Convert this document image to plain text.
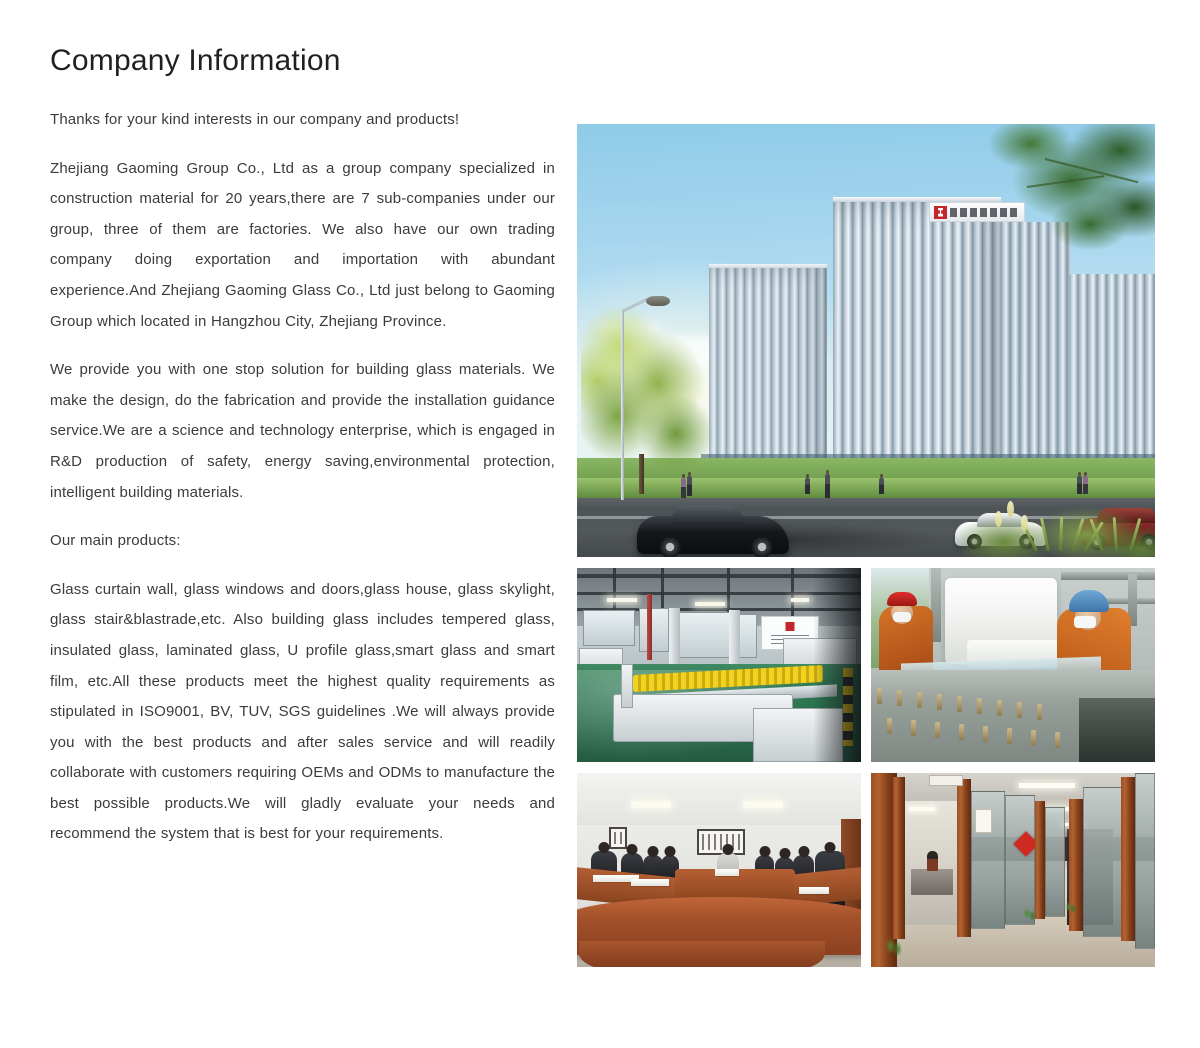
Company Information

Thanks for your kind interests in our company and products!

Zhejiang Gaoming Group Co., Ltd as a group company specialized in construction material for 20 years,there are 7 sub-companies under our group, three of them are factories. We also have our own trading company doing exportation and importation with abundant experience.And Zhejiang Gaoming Glass Co., Ltd just belong to Gaoming Group which located in Hangzhou City, Zhejiang Province.

We provide you with one stop solution for building glass materials. We make the design, do the fabrication and provide the installation guidance service.We are a science and technology enterprise, which is engaged in R&D production of safety, energy saving,environmental protection, intelligent building materials.

Our main products:

Glass curtain wall, glass windows and doors,glass house, glass skylight, glass stair&blastrade,etc. Also building glass includes tempered glass, insulated glass, laminated glass, U profile glass,smart glass and smart film, etc.All these products meet the highest quality requirements as stipulated in ISO9001, BV, TUV, SGS guidelines .We will always provide you with the best products and after sales service and will readily collaborate with customers requiring OEMs and ODMs to manufacture the best possible products.We will gladly evaluate your needs and recommend the system that is best for your requirements.
